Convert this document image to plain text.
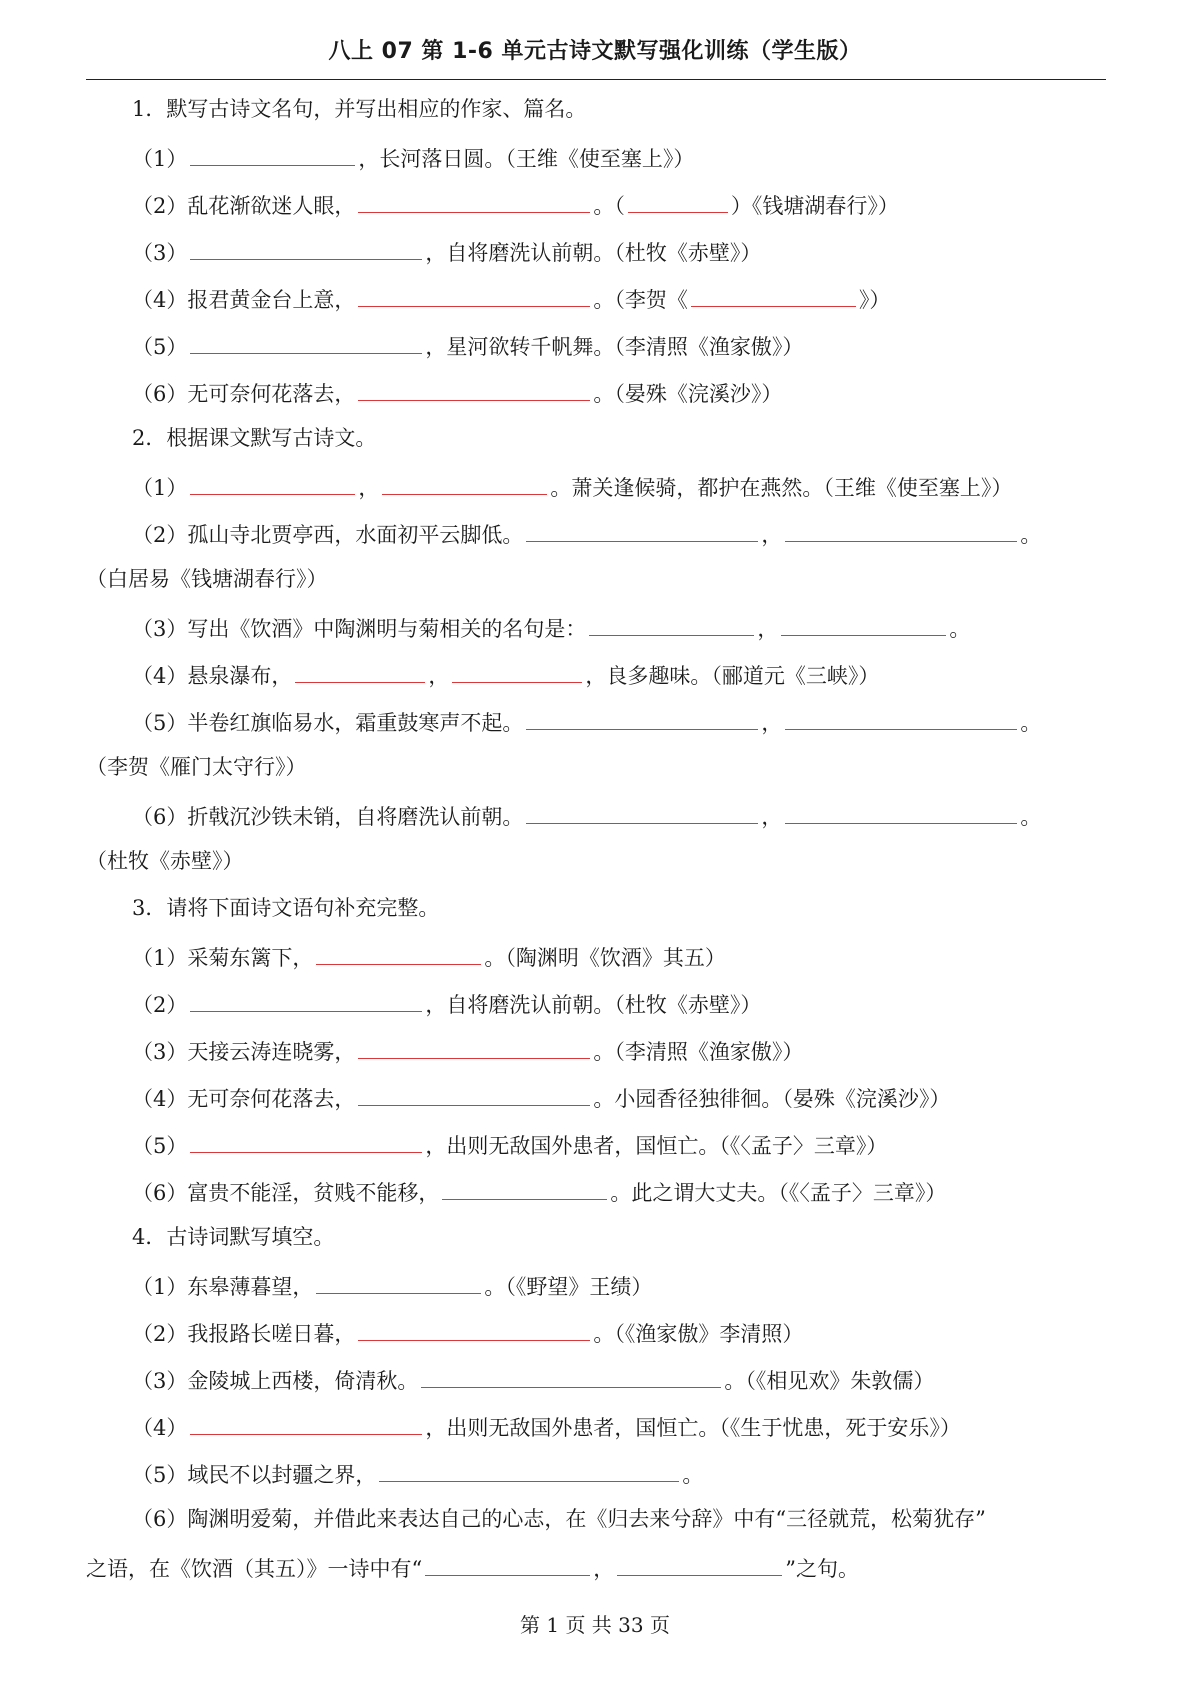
八上 07 第 1-6 单元古诗文默写强化训练（学生版）
1．默写古诗文名句，并写出相应的作家、篇名。
（1）	，长河落日圆。（王维《使至塞上》）
（2）乱花渐欲迷人眼，	。（	）《钱塘湖春行》）
（3）	，自将磨洗认前朝。（杜牧《赤壁》）
（4）报君黄金台上意，	。（李贺《	》）
（5）	，星河欲转千帆舞。（李清照《渔家傲》）
（6）无可奈何花落去，	。（晏殊《浣溪沙》）
2．根据课文默写古诗文。
（1）	，	。萧关逢候骑，都护在燕然。（王维《使至塞上》）
（2）孤山寺北贾亭西，水面初平云脚低。	，	。
（白居易《钱塘湖春行》）
（3）写出《饮酒》中陶渊明与菊相关的名句是：	，	。
（4）悬泉瀑布，	，	，良多趣味。（郦道元《三峡》）
（5）半卷红旗临易水，霜重鼓寒声不起。	，	。
（李贺《雁门太守行》）
（6）折戟沉沙铁未销，自将磨洗认前朝。	，	。
（杜牧《赤壁》）
3．请将下面诗文语句补充完整。
（1）采菊东篱下，	。（陶渊明《饮酒》其五）
（2）	，自将磨洗认前朝。（杜牧《赤壁》）
（3）天接云涛连晓雾，	。（李清照《渔家傲》）
（4）无可奈何花落去，	。小园香径独徘徊。（晏殊《浣溪沙》）
（5）	，出则无敌国外患者，国恒亡。（《〈孟子〉三章》）
（6）富贵不能淫，贫贱不能移，	。此之谓大丈夫。（《〈孟子〉三章》）
4．古诗词默写填空。
（1）东皋薄暮望，	。（《野望》王绩）
（2）我报路长嗟日暮，	。（《渔家傲》李清照）
（3）金陵城上西楼，倚清秋。	。（《相见欢》朱敦儒）
（4）	，出则无敌国外患者，国恒亡。（《生于忧患，死于安乐》）
（5）域民不以封疆之界，	。
（6）陶渊明爱菊，并借此来表达自己的心志，在《归去来兮辞》中有“三径就荒，松菊犹存”
之语，在《饮酒（其五）》一诗中有“	，	”之句。
第 1 页 共 33 页
